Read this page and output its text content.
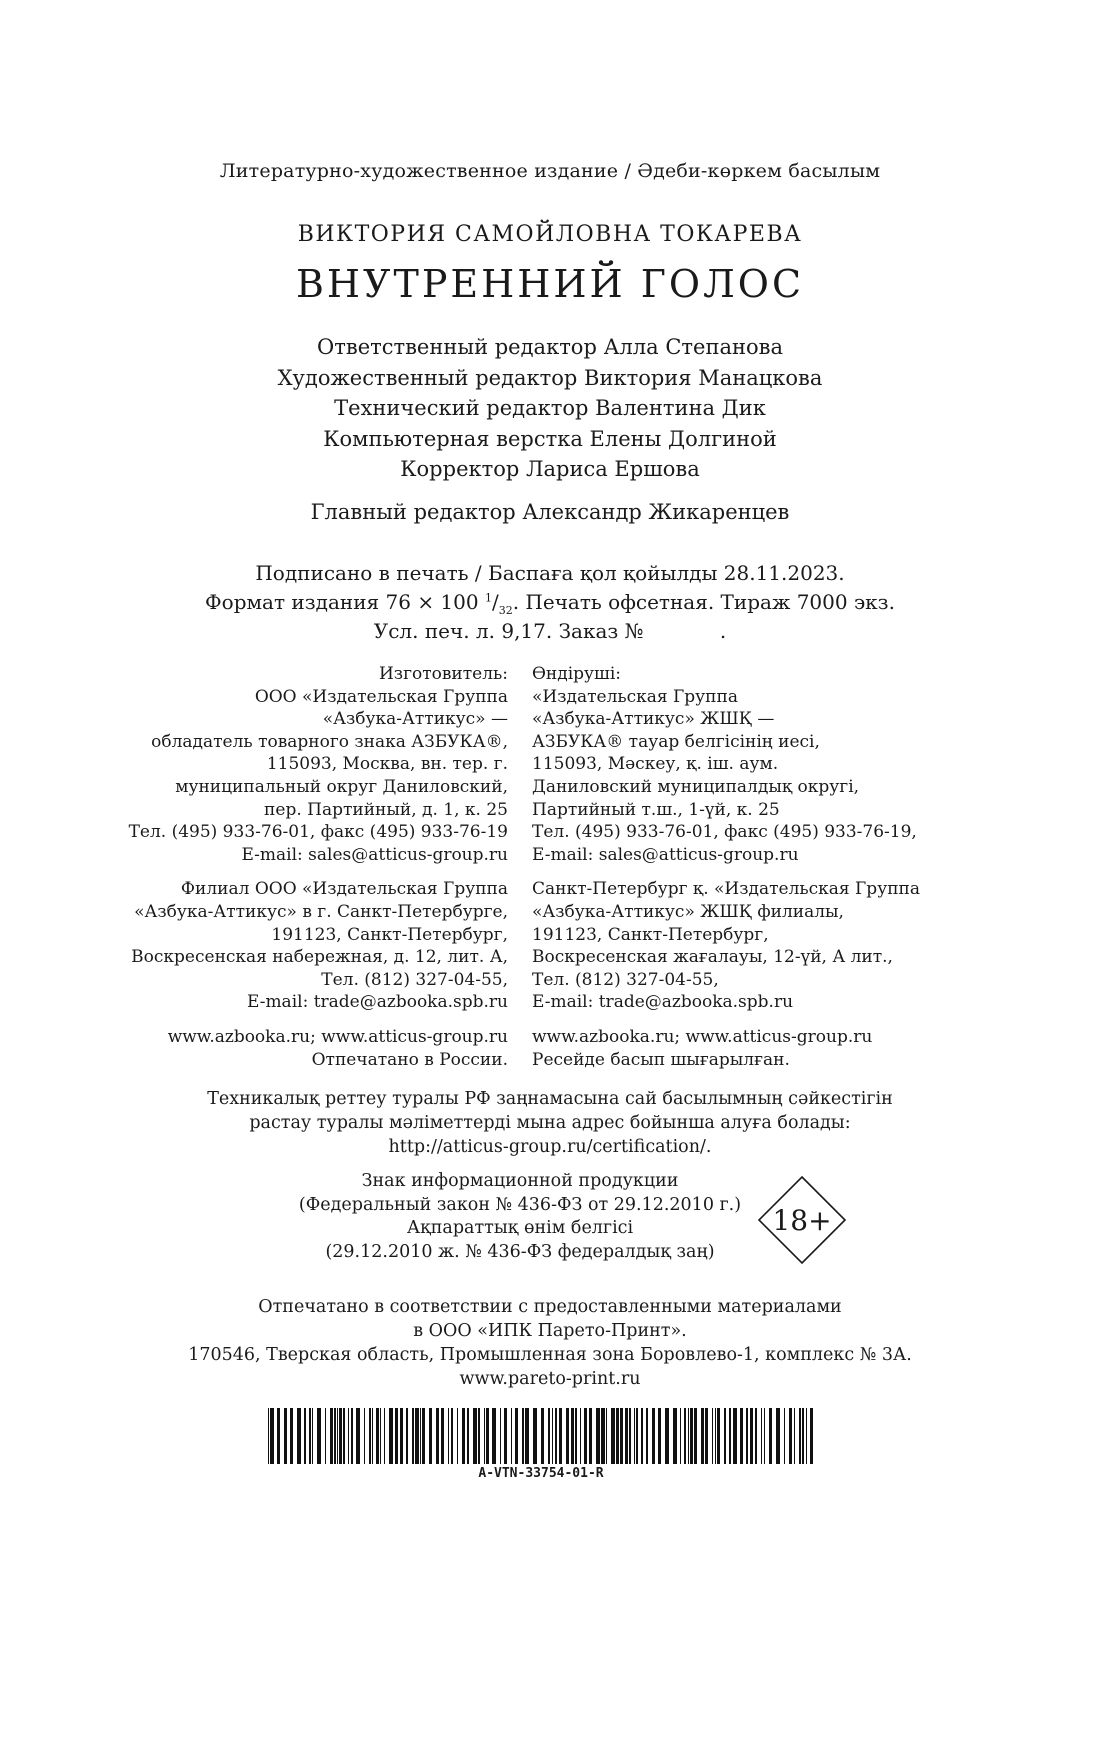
Литературно-художественное издание / Әдеби-көркем басылым
ВИКТОРИЯ САМОЙЛОВНА ТОКАРЕВА
ВНУТРЕННИЙ ГОЛОС
Ответственный редактор Алла Степанова
Художественный редактор Виктория Манацкова
Технический редактор Валентина Дик
Компьютерная верстка Елены Долгиной
Корректор Лариса Ершова
Главный редактор Александр Жикаренцев
Подписано в печать / Баспаға қол қойылды 28.11.2023.
Формат издания 76 × 100 $^1/_{32}$. Печать офсетная. Тираж 7000 экз.
Усл. печ. л. 9,17. Заказ №            .
Изготовитель:
ООО «Издательская Группа
«Азбука-Аттикус» —
обладатель товарного знака АЗБУКА®,
115093, Москва, вн. тер. г.
муниципальный округ Даниловский,
пер. Партийный, д. 1, к. 25
Тел. (495) 933-76-01, факс (495) 933-76-19
E-mail: sales@atticus-group.ru
Филиал ООО «Издательская Группа
«Азбука-Аттикус» в г. Санкт-Петербурге,
191123, Санкт-Петербург,
Воскресенская набережная, д. 12, лит. А,
Тел. (812) 327-04-55,
E-mail: trade@azbooka.spb.ru
www.azbooka.ru; www.atticus-group.ru
Отпечатано в России.
Өндіруші:
«Издательская Группа
«Азбука-Аттикус» ЖШҚ —
АЗБУКА® тауар белгісінің иесі,
115093, Мәскеу, қ. іш. аум.
Даниловский муниципалдық округі,
Партийный т.ш., 1-үй, к. 25
Тел. (495) 933-76-01, факс (495) 933-76-19,
E-mail: sales@atticus-group.ru
Санкт-Петербург қ. «Издательская Группа
«Азбука-Аттикус» ЖШҚ филиалы,
191123, Санкт-Петербург,
Воскресенская жағалауы, 12-үй, А лит.,
Тел. (812) 327-04-55,
E-mail: trade@azbooka.spb.ru
www.azbooka.ru; www.atticus-group.ru
Ресейде басып шығарылған.
Техникалық реттеу туралы РФ заңнамасына сай басылымның сәйкестігін
растау туралы мәліметтерді мына адрес бойынша алуға болады:
http://atticus-group.ru/certification/.
Знак информационной продукции
(Федеральный закон № 436-ФЗ от 29.12.2010 г.)
Ақпараттық өнім белгісі
(29.12.2010 ж. № 436-ФЗ федералдық заң)
18+
Отпечатано в соответствии с предоставленными материалами
в ООО «ИПК Парето-Принт».
170546, Тверская область, Промышленная зона Боровлево-1, комплекс № 3А.
www.pareto-print.ru
A-VTN-33754-01-R
